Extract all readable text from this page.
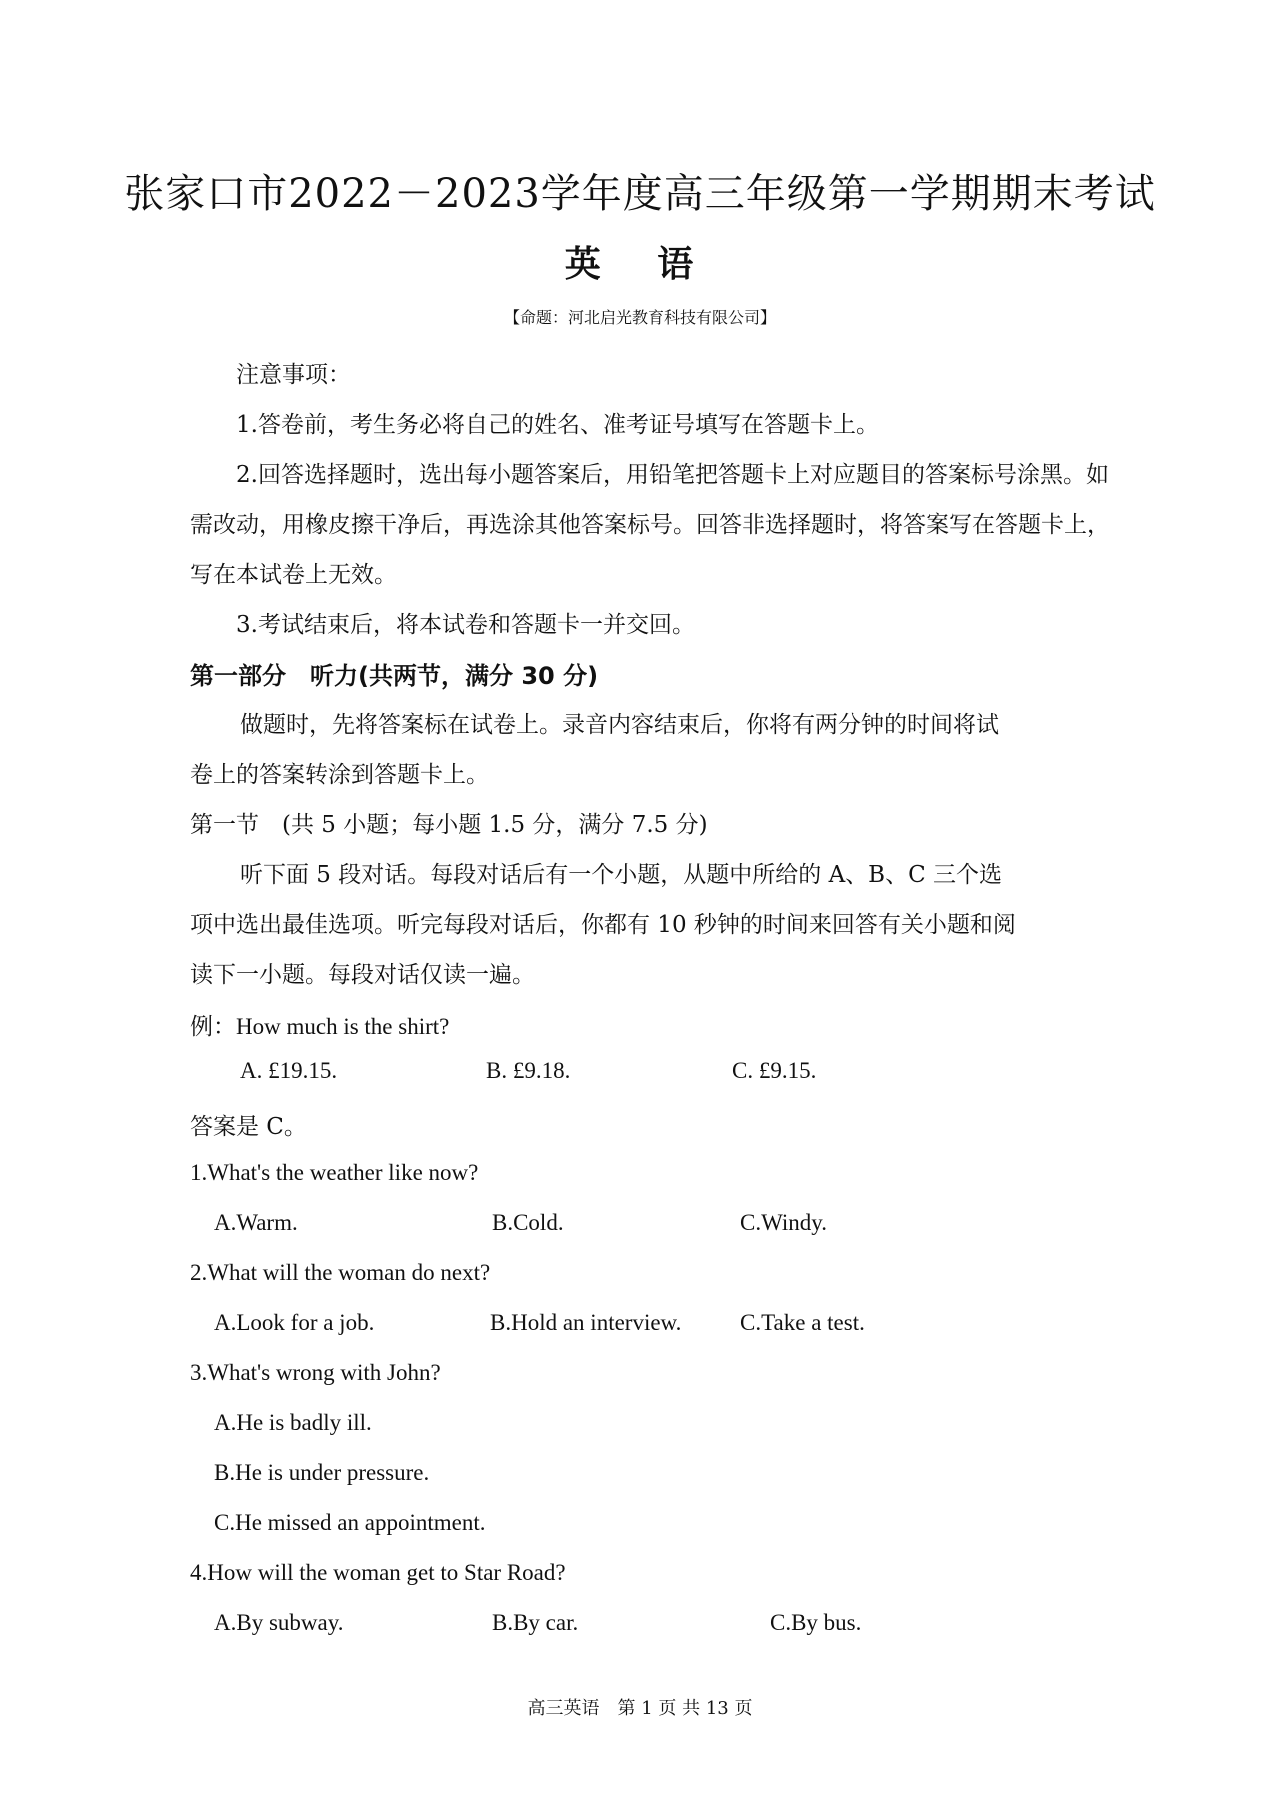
张家口市2022－2023学年度高三年级第一学期期末考试
英 语
【命题：河北启光教育科技有限公司】
注意事项：
1.答卷前，考生务必将自己的姓名、准考证号填写在答题卡上。
2.回答选择题时，选出每小题答案后，用铅笔把答题卡上对应题目的答案标号涂黑。如
需改动，用橡皮擦干净后，再选涂其他答案标号。回答非选择题时，将答案写在答题卡上，
写在本试卷上无效。
3.考试结束后，将本试卷和答题卡一并交回。
第一部分　听力(共两节，满分 30 分)
做题时，先将答案标在试卷上。录音内容结束后，你将有两分钟的时间将试
卷上的答案转涂到答题卡上。
第一节　(共 5 小题；每小题 1.5 分，满分 7.5 分)
听下面 5 段对话。每段对话后有一个小题，从题中所给的 A、B、C 三个选
项中选出最佳选项。听完每段对话后，你都有 10 秒钟的时间来回答有关小题和阅
读下一小题。每段对话仅读一遍。
例：How much is the shirt?
A. £19.15.	B. £9.18.	C. £9.15.
答案是 C。
1.What's the weather like now?
A.Warm.	B.Cold.	C.Windy.
2.What will the woman do next?
A.Look for a job.	B.Hold an interview.	C.Take a test.
3.What's wrong with John?
A.He is badly ill.
B.He is under pressure.
C.He missed an appointment.
4.How will the woman get to Star Road?
A.By subway.	B.By car.	C.By bus.
高三英语　第 1 页 共 13 页
